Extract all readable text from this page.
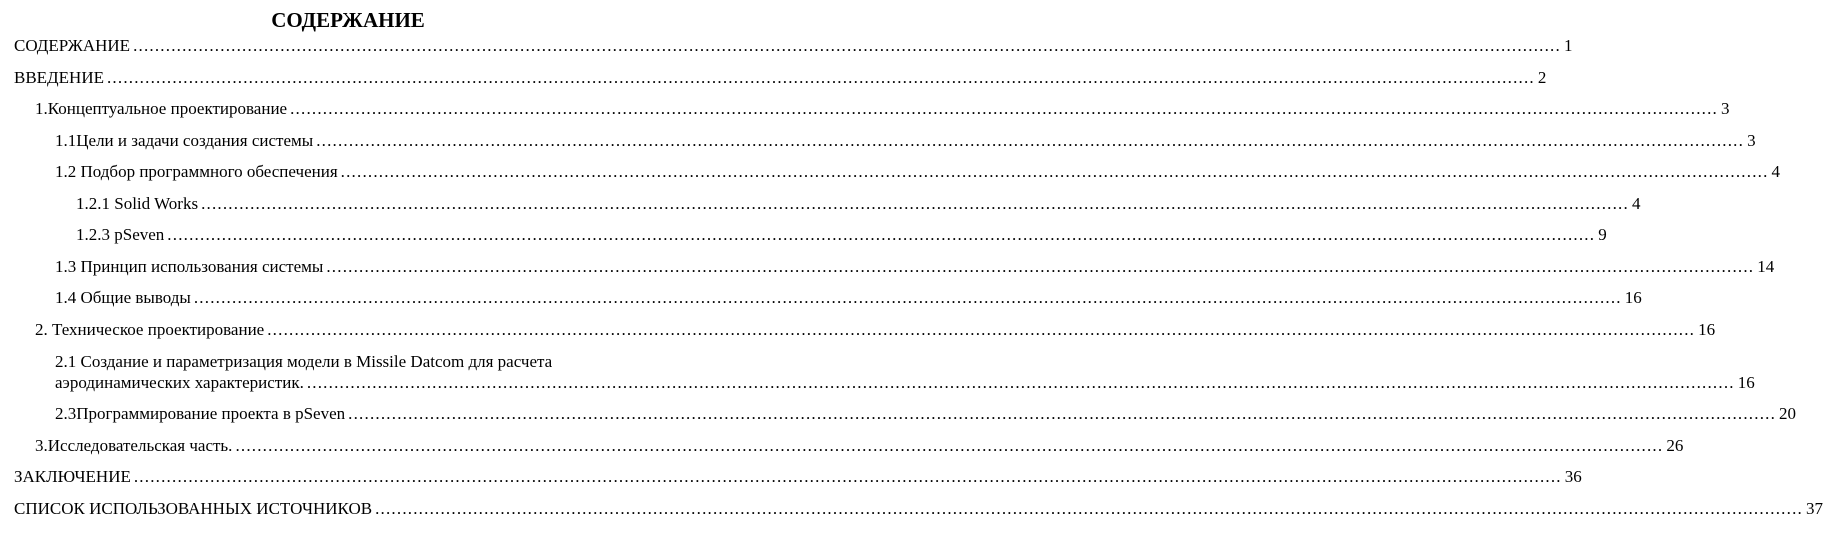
СОДЕРЖАНИЕ
СОДЕРЖАНИЕ .....	1
ВВЕДЕНИЕ .....	2
1.Концептуальное проектирование .....	3
1.1Цели и задачи создания системы .....	3
1.2 Подбор программного обеспечения .....	4
1.2.1 Solid Works .....	4
1.2.3 pSeven .....	9
1.3 Принцип использования системы .....	14
1.4 Общие выводы .....	16
2. Техническое проектирование .....	16
2.1 Создание и параметризация модели в Missile Datcom для расчета
аэродинамических характеристик. .....	16
2.3Программирование проекта в pSeven .....	20
3.Исследовательская часть. .....	26
ЗАКЛЮЧЕНИЕ .....	36
СПИСОК ИСПОЛЬЗОВАННЫХ ИСТОЧНИКОВ .....	37
